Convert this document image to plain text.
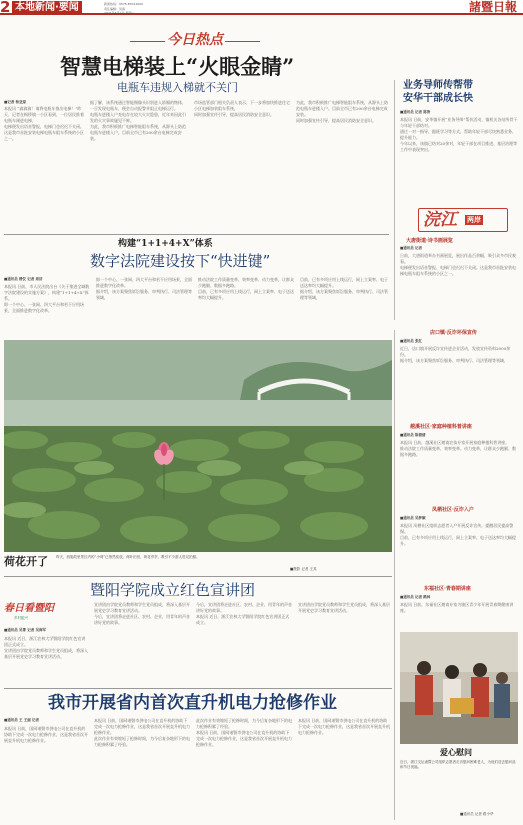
2 本地新闻·要闻	新闻热线：0575-87021000
责任编辑：吴春
2021年6月1日 星期二	諸暨日報
今日热点
智慧电梯装上“火眼金睛”
电瓶车违规入梯就不关门
■记者 杨亚琼
本报讯 “滴滴滴！请将电瓶车推出电梯！”昨天，记者在枫桥镇一小区看到，一位居民推着电瓶车刚进电梯，
电梯便发出语音警报，电梯门也迟迟不关闭。这是我市首批安装电梯电瓶车阻车系统的小区之一。
据了解，该系统通过智能摄像头识别进入轿厢的物体，一旦发现电瓶车，便会自动报警并阻止电梯运行。
电瓶车进楼入户充电存在较大火灾隐患，近年来因此引发的火灾事故屡见不鲜。
为此，我市积极推广电梯智能阻车系统，从源头上防范电瓶车进楼入户。目前全市已有200余台电梯完成安装。
市场监管部门相关负责人表示，下一步将加快推进住宅小区电梯加装阻车系统，
同时加强宣传引导，提高居民消防安全意识。
为此，我市积极推广电梯智能阻车系统，从源头上防范电瓶车进楼入户。目前全市已有200余台电梯完成安装。
同时加强宣传引导，提高居民消防安全意识。
业务导师传帮带
安华干部成长快
■通讯员 记者 陈涛
本报讯 日前，安华镇开展“业务导师”帮扶活动，镇机关各站所骨干与年轻干部结对。
通过一对一指导、跟班学习等方式，帮助年轻干部尽快熟悉业务、提升能力。
今年以来，该镇已结对20余对，年轻干部在项目推进、基层治理等工作中表现突出。
构建“1+1+4+X”体系
数字法院建设按下“快进键”
■通讯员 楼仪 记者 周洁
本报讯 日前，市人民法院出台《关于推进全域数字法院建设的实施方案》，构建“1+1+4+X”体系。
即一个中心、一张网、四大平台和若干应用场景，全面推进数字化改革。
即一个中心、一张网、四大平台和若干应用场景，全面推进数字化改革。
据介绍，该方案聚焦诉讼服务、审判执行、司法管理等领域，
推动法院工作质量变革、效率变革、动力变革，让群众少跑腿、数据多跑路。
目前，已有多项应用上线运行，网上立案率、电子送达率均大幅提升。
目前，已有多项应用上线运行，网上立案率、电子送达率均大幅提升。
据介绍，该方案聚焦诉讼服务、审判执行、司法管理等领域，
浣江 两岸
大唐街道·诗书画展览
■通讯员 记者
日前，大唐街道举办书画展览，展出作品百余幅，吸引众多市民观看。
电梯便发出语音警报，电梯门也迟迟不关闭。这是我市首批安装电梯电瓶车阻车系统的小区之一。
店口镇·反诈坏保宣传
■通讯员 张红
近日，店口镇开展反诈宣传进企业活动，发放宣传资料2000余份。
据介绍，该方案聚焦诉讼服务、审判执行、司法管理等领域，
越溪社区·家庭种植科普讲座
■通讯员 陈倩倩
本报讯 日前，越溪社区邀请农技专家开展家庭种植科普讲座。
推动法院工作质量变革、效率变革、动力变革，让群众少跑腿、数据多跑路。
凤栖社区·反诈入户
■通讯员 吴梦颖
本报讯 凤栖社区组织志愿者入户开展反诈宣传，提醒居民提高警惕。
目前，已有多项应用上线运行，网上立案率、电子送达率均大幅提升。
东福社区·青春期讲座
■通讯员 记者 路林
本报讯 日前，东福社区邀请专家为辖区青少年开展青春期健康讲座。
荷花开了 昨天，西施故里景区内的“小荷”已悄然绽放。荷叶田田，荷花亭亭，吸引不少游人驻足拍照。
■摄影 记者 王其
暨阳学院成立红色宣讲团
春日看暨阳
乡村振兴
■通讯员 吴菁 记者 吴海军
本报讯 近日，浙江农林大学暨阳学院红色宣讲团正式成立。
宣讲团由学院党员教师和学生党员组成，将深入基层开展党史学习教育宣讲活动。
宣讲团由学院党员教师和学生党员组成，将深入基层开展党史学习教育宣讲活动。
今后，宣讲团将走进社区、农村、企业，用青年的声音讲好党的故事。
今后，宣讲团将走进社区、农村、企业，用青年的声音讲好党的故事。
本报讯 近日，浙江农林大学暨阳学院红色宣讲团正式成立。
宣讲团由学院党员教师和学生党员组成，将深入基层开展党史学习教育宣讲活动。
我市开展省内首次直升机电力抢修作业
■通讯员 王 王丽 记者
本报讯 日前，国网诸暨市供电公司在直升机的协助下完成一次电力抢修作业，这是我省首次开展直升机电力抢修作业。
本报讯 日前，国网诸暨市供电公司在直升机的协助下完成一次电力抢修作业，这是我省首次开展直升机电力抢修作业。
此次作业有效缩短了抢修时间，为今后复杂地形下的电力抢修积累了经验。
此次作业有效缩短了抢修时间，为今后复杂地形下的电力抢修积累了经验。
本报讯 日前，国网诸暨市供电公司在直升机的协助下完成一次电力抢修作业，这是我省首次开展直升机电力抢修作业。
本报讯 日前，国网诸暨市供电公司在直升机的协助下完成一次电力抢修作业，这是我省首次开展直升机电力抢修作业。
爱心慰问
近日，浙江交运诸暨公司组织志愿者走访慰问困难老人，为他们送去慰问品和节日祝福。
■通讯员 记者 路小华
